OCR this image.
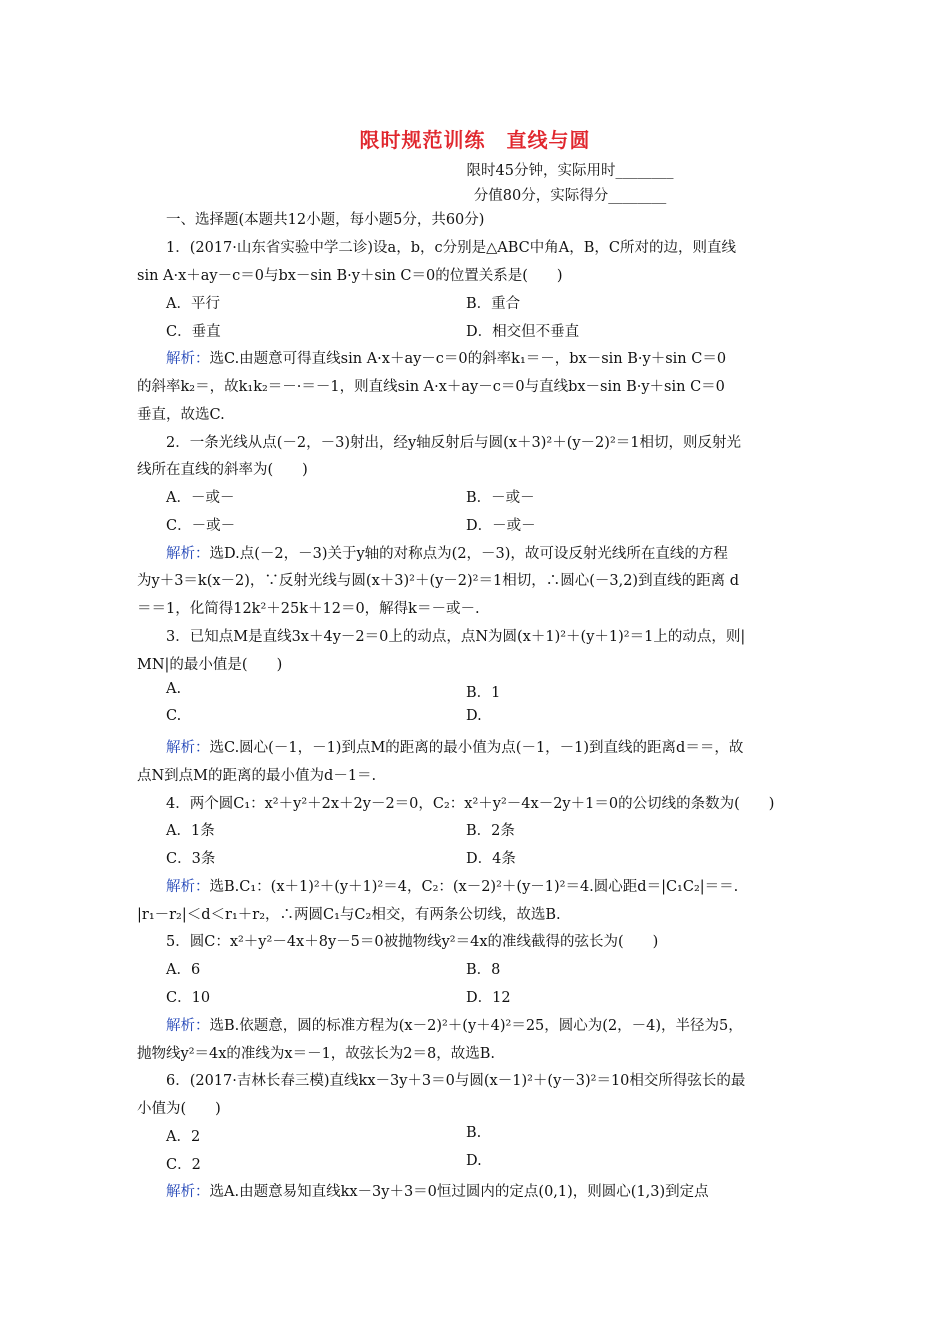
限时规范训练　直线与圆
限时45分钟，实际用时________
分值80分，实际得分________
一、选择题(本题共12小题，每小题5分，共60分)
1．(2017·山东省实验中学二诊)设a，b，c分别是△ABC中角A，B，C所对的边，则直线
sin A·x＋ay－c＝0与bx－sin B·y＋sin C＝0的位置关系是(　　)
A．平行	B．重合
C．垂直	D．相交但不垂直
解析：选C.由题意可得直线sin A·x＋ay－c＝0的斜率k₁＝－，bx－sin B·y＋sin C＝0
的斜率k₂＝，故k₁k₂＝－·＝－1，则直线sin A·x＋ay－c＝0与直线bx－sin B·y＋sin C＝0
垂直，故选C.
2．一条光线从点(－2，－3)射出，经y轴反射后与圆(x＋3)²＋(y－2)²＝1相切，则反射光
线所在直线的斜率为(　　)
A．－或－	B．－或－
C．－或－	D．－或－
解析：选D.点(－2，－3)关于y轴的对称点为(2，－3)，故可设反射光线所在直线的方程
为y＋3＝k(x－2)，∵反射光线与圆(x＋3)²＋(y－2)²＝1相切，∴圆心(－3,2)到直线的距离 d
＝＝1，化简得12k²＋25k＋12＝0，解得k＝－或－.
3．已知点M是直线3x＋4y－2＝0上的动点，点N为圆(x＋1)²＋(y＋1)²＝1上的动点，则|
MN|的最小值是(　　)
A.	B．1
C.	D.
解析：选C.圆心(－1，－1)到点M的距离的最小值为点(－1，－1)到直线的距离d＝＝，故
点N到点M的距离的最小值为d－1＝.
4．两个圆C₁：x²＋y²＋2x＋2y－2＝0，C₂：x²＋y²－4x－2y＋1＝0的公切线的条数为(　　)
A．1条	B．2条
C．3条	D．4条
解析：选B.C₁：(x＋1)²＋(y＋1)²＝4，C₂：(x－2)²＋(y－1)²＝4.圆心距d＝|C₁C₂|＝＝.
|r₁－r₂|＜d＜r₁＋r₂，∴两圆C₁与C₂相交，有两条公切线，故选B.
5．圆C：x²＋y²－4x＋8y－5＝0被抛物线y²＝4x的准线截得的弦长为(　　)
A．6	B．8
C．10	D．12
解析：选B.依题意，圆的标准方程为(x－2)²＋(y＋4)²＝25，圆心为(2，－4)，半径为5，
抛物线y²＝4x的准线为x＝－1，故弦长为2＝8，故选B.
6．(2017·吉林长春三模)直线kx－3y＋3＝0与圆(x－1)²＋(y－3)²＝10相交所得弦长的最
小值为(　　)
A．2	B.
C．2	D.
解析：选A.由题意易知直线kx－3y＋3＝0恒过圆内的定点(0,1)，则圆心(1,3)到定点
